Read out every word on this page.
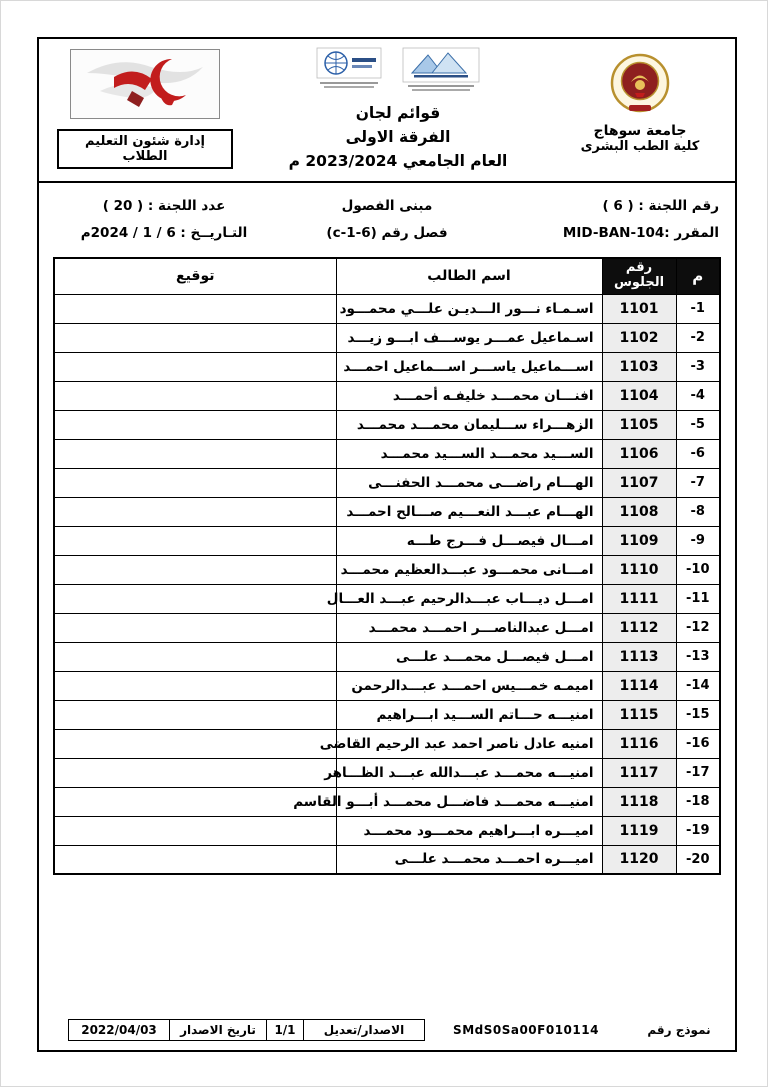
جامعة سوهاج
كلية الطب البشرى
قوائم لجان
الفرقة الاولى
العام الجامعي 2023/2024 م
إدارة شئون التعليم الطلاب
رقم اللجنة : ( 6 )
المقرر :MID-BAN-104
مبنى الفصول
فصل رقم (c-1-6)
عدد اللجنة : ( 20 )
التـاريــخ : 6 / 1 / 2024م
م	رقم الجلوس	اسم الطالب	توقيع
-1	1101	اسـمـاء نـــور الـــديـن علـــي محمـــود	
-2	1102	اسـماعيل عمـــر يوســـف ابـــو زيـــد	
-3	1103	اســـماعيل ياســـر اســـماعيل احمـــد	
-4	1104	افنـــان محمـــد خليفـه أحمـــد	
-5	1105	الزهـــراء ســـليمان محمـــد محمـــد	
-6	1106	الســـيد محمـــد الســـيد محمـــد	
-7	1107	الهـــام راضـــى محمـــد الحفنـــى	
-8	1108	الهـــام عبـــد النعـــيم صـــالح احمـــد	
-9	1109	امـــال فيصـــل فـــرج طـــه	
-10	1110	امـــانى محمـــود عبـــدالعظيم محمـــد	
-11	1111	امـــل ديـــاب عبـــدالرحيم عبـــد العـــال	
-12	1112	امـــل عبدالناصـــر احمـــد محمـــد	
-13	1113	امـــل فيصـــل محمـــد علـــى	
-14	1114	اميمـه خمـــيس احمـــد عبـــدالرحمن	
-15	1115	امنيـــه حـــاتم الســـيد ابـــراهيم	
-16	1116	امنيه عادل ناصر احمد عبد الرحيم القاضى	
-17	1117	امنيـــه محمـــد عبـــدالله عبـــد الظـــاهر	
-18	1118	امنيـــه محمـــد فاضـــل محمـــد أبـــو القاسم	
-19	1119	اميـــره ابـــراهيم محمـــود محمـــد	
-20	1120	اميـــره احمـــد محمـــد علـــى	
نموذج رقم
SMdS0Sa00F010114
الاصدار/تعديل
1/1
تاريخ الاصدار
2022/04/03
